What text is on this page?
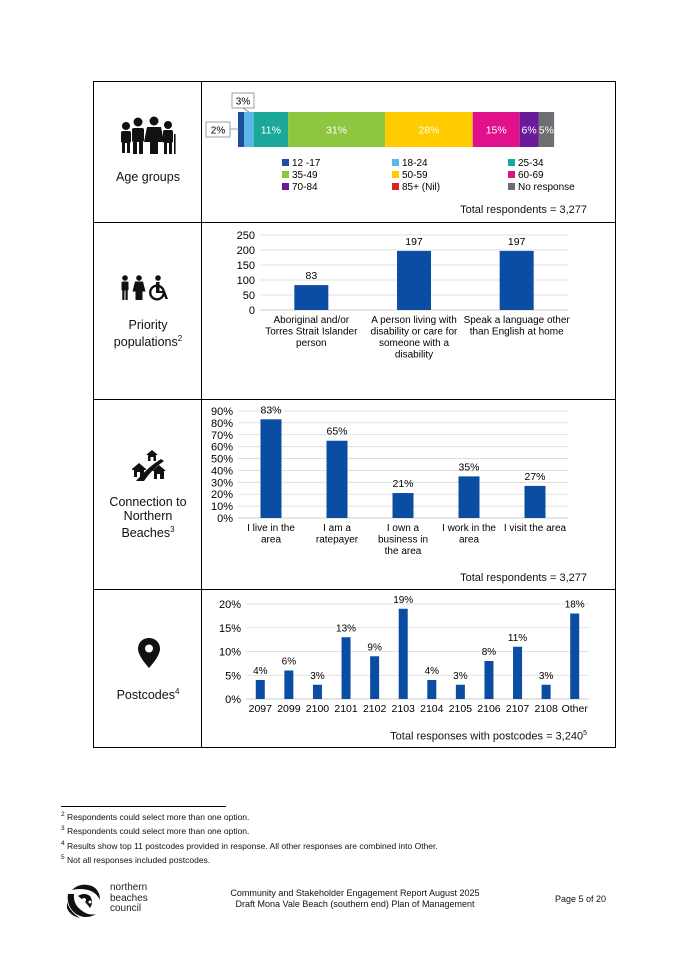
Age groups
11%	31%	28%	15% 6% 5%
2%
3%
12 -17	18-24	25-34
35-49	50-59	60-69
70-84	85+ (Nil)	No response
Total respondents = 3,277
Priority
populations$^2$
0
50
100
150
200
250
83
Aboriginal and/or
Torres Strait Islander
person
197
A person living with
disability or care for
someone with a
disability
197
Speak a language other
than English at home
Connection to
Northern
Beaches$^3$
0%
10%
20%
30%
40%
50%
60%
70%
80%
90%	83%
I live in the
area
65%
I am a
ratepayer
21%
I own a
business in
the area
35%
I work in the
area
27%
I visit the area
Total respondents = 3,277
Postcodes$^4$
0%
5%
10%
15%
20%
4%
2097
6%
2099
3%
2100
13%
2101
9%
2102
19%
2103
4%
2104
3%
2105
8%
2106
11%
2107
3%
2108
18%
Other
Total responses with postcodes = $3,240^5$
$^2$ Respondents could select more than one option.
$^3$ Respondents could select more than one option.
$^4$ Results show top 11 postcodes provided in response. All other responses are combined into Other.
$^5$ Not all responses included postcodes.
northern
beaches
council
Community and Stakeholder Engagement Report August 2025
Draft Mona Vale Beach (southern end) Plan of Management	Page 5 of 20
